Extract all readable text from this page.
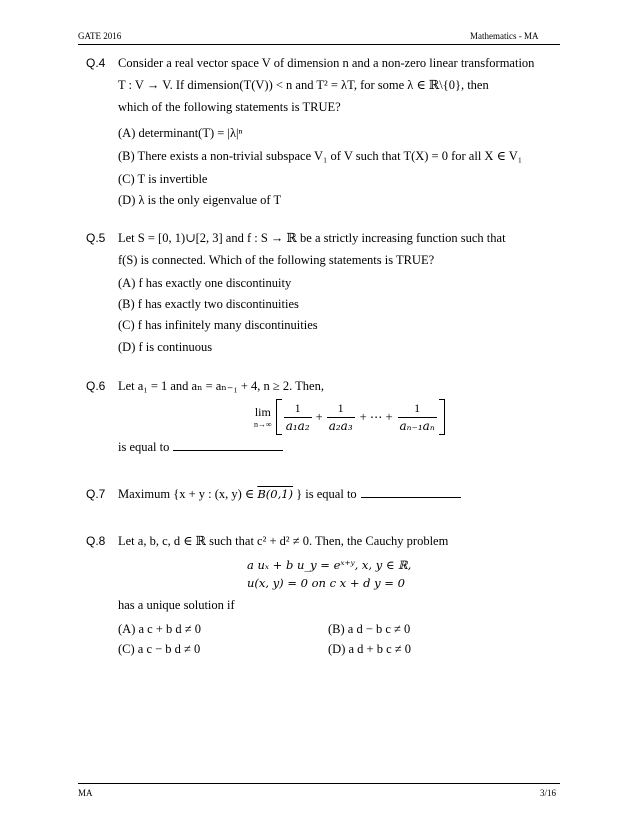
GATE 2016	Mathematics - MA
Q.4 Consider a real vector space V of dimension n and a non-zero linear transformation
T : V → V. If dimension(T(V)) < n and T² = λT, for some λ ∈ ℝ\{0}, then
which of the following statements is TRUE?
(A) determinant(T) = |λ|ⁿ
(B) There exists a non-trivial subspace V₁ of V such that T(X) = 0 for all X ∈ V₁
(C) T is invertible
(D) λ is the only eigenvalue of T
Q.5 Let S = [0, 1)∪[2, 3] and f : S → ℝ be a strictly increasing function such that
f(S) is connected. Which of the following statements is TRUE?
(A) f has exactly one discontinuity
(B) f has exactly two discontinuities
(C) f has infinitely many discontinuities
(D) f is continuous
Q.6 Let a₁ = 1 and aₙ = aₙ₋₁ + 4, n ≥ 2. Then,
lim
$n\to\infty \frac{1}{\text{a₁a₂}} + \frac{1}{\text{a₂a₃}}$ + ⋯ + $\frac{1}{\text{aₙ₋₁aₙ}}$
is equal to
Q.7 Maximum {x + y : (x, y) ∈ B(0,1) } is equal to
Q.8 Let a, b, c, d ∈ ℝ such that c² + d² ≠ 0. Then, the Cauchy problem
a uₓ + b u_y = eˣ⁺ʸ, x, y ∈ ℝ,
u(x, y) = 0 on c x + d y = 0
has a unique solution if
(A) a c + b d ≠ 0	(B) a d − b c ≠ 0
(C) a c − b d ≠ 0	(D) a d + b c ≠ 0
MA	3/16
